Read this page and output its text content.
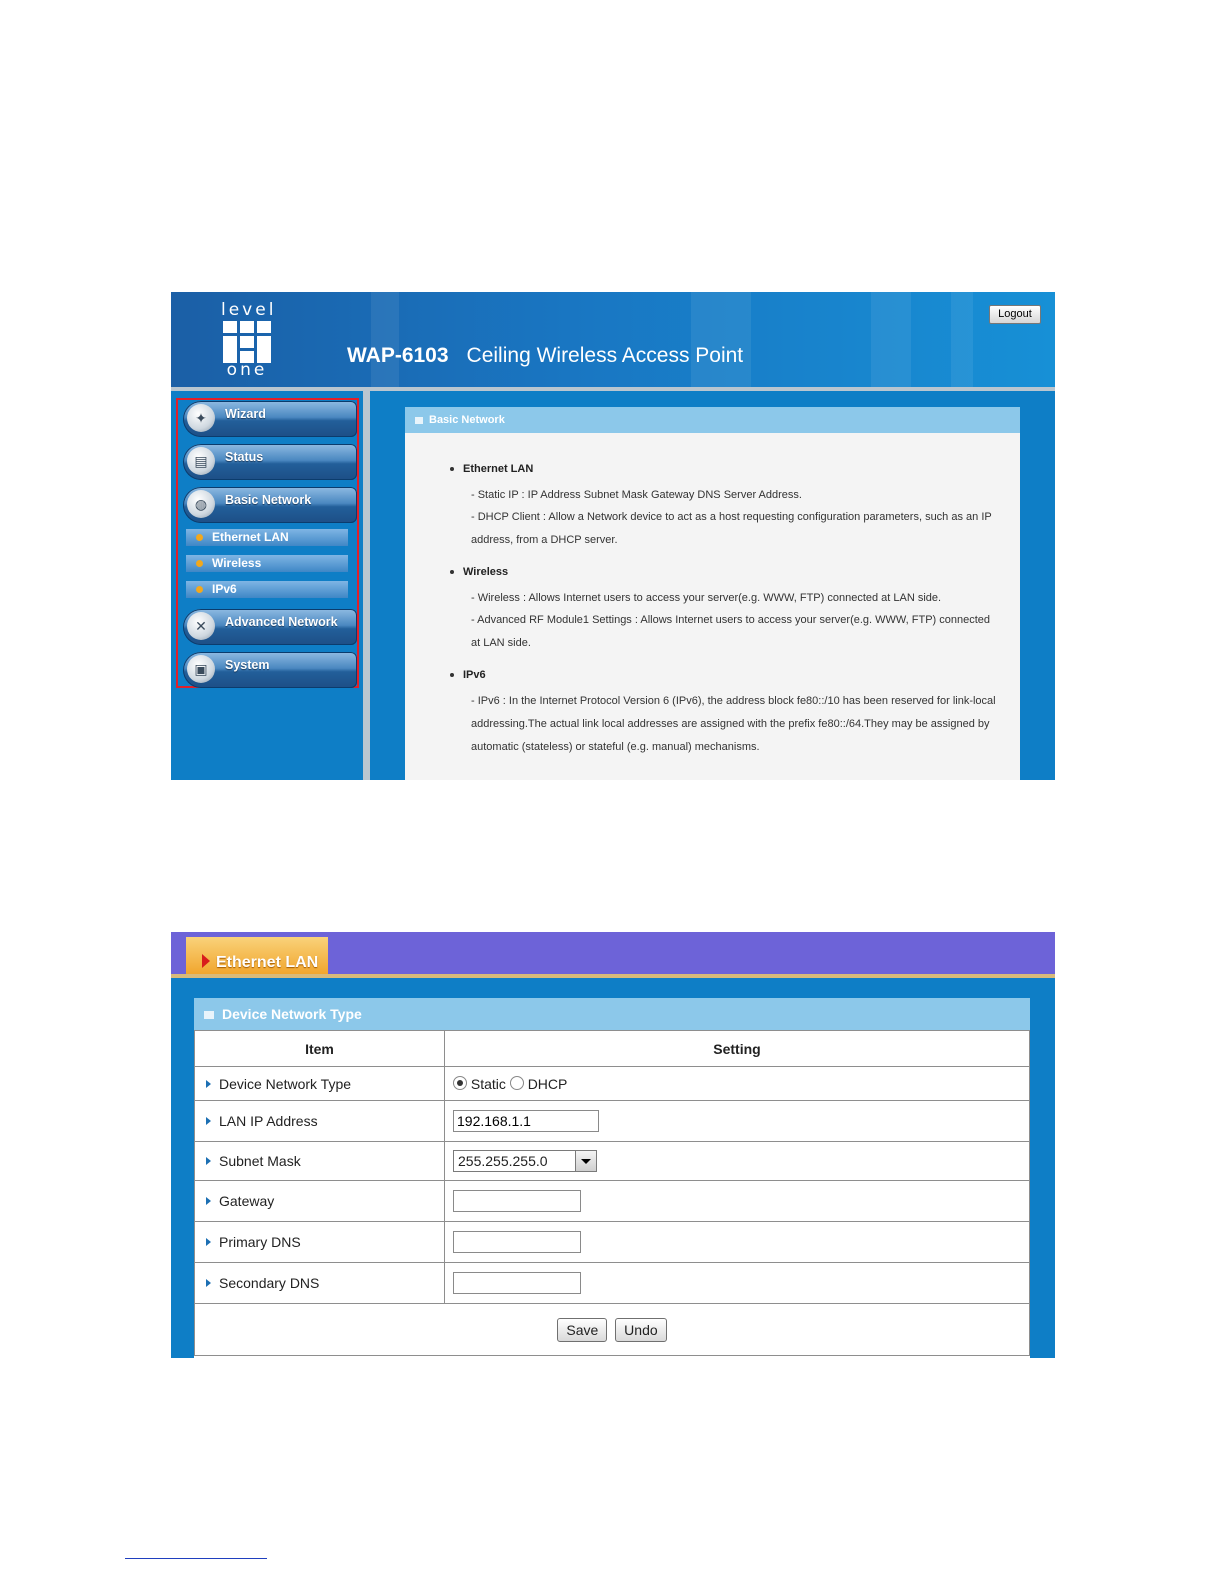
level
one
WAP-6103 Ceiling Wireless Access Point
Logout
✦	Wizard
▤	Status
◍	Basic Network
Ethernet LAN
Wireless
IPv6
✕	Advanced Network
▣	System
Basic Network
Ethernet LAN
- Static IP : IP Address Subnet Mask Gateway DNS Server Address.
- DHCP Client : Allow a Network device to act as a host requesting configuration parameters, such as an IP address, from a DHCP server.
Wireless
- Wireless : Allows Internet users to access your server(e.g. WWW, FTP) connected at LAN side.
- Advanced RF Module1 Settings : Allows Internet users to access your server(e.g. WWW, FTP) connected at LAN side.
IPv6
- IPv6 : In the Internet Protocol Version 6 (IPv6), the address block fe80::/10 has been reserved for link-local addressing.The actual link local addresses are assigned with the prefix fe80::/64.They may be assigned by automatic (stateless) or stateful (e.g. manual) mechanisms.
Ethernet LAN
Device Network Type
Item	Setting

Device Network Type	Static DHCP

LAN IP Address	192.168.1.1

Subnet Mask	255.255.255.0

Gateway	

Primary DNS	

Secondary DNS	
Save Undo	
